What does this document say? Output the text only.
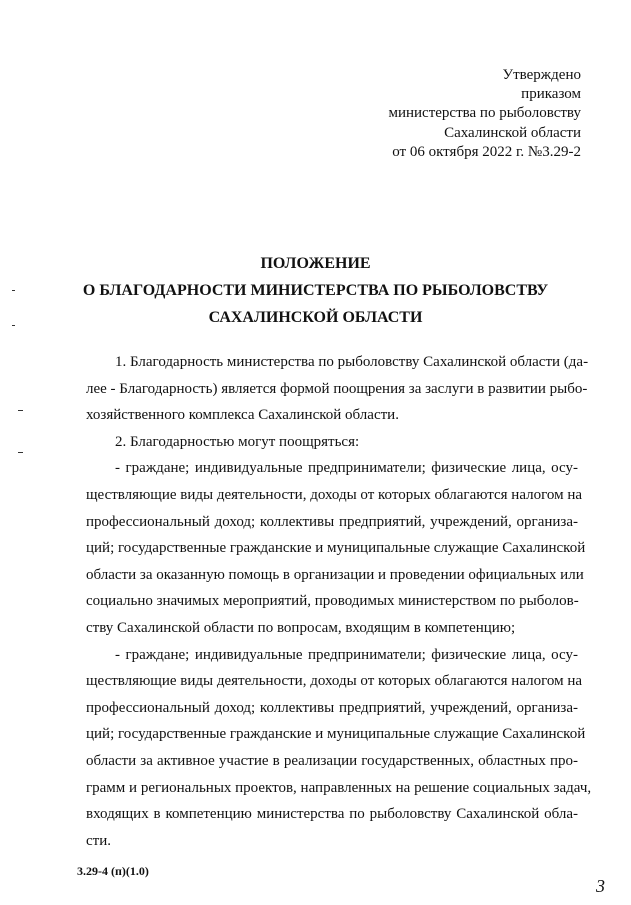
Утверждено
приказом
министерства по рыболовству
Сахалинской области
от 06 октября 2022 г. №3.29-2
ПОЛОЖЕНИЕ
О БЛАГОДАРНОСТИ МИНИСТЕРСТВА ПО РЫБОЛОВСТВУ
САХАЛИНСКОЙ ОБЛАСТИ
1. Благодарность министерства по рыболовству Сахалинской области (да-
лее - Благодарность) является формой поощрения за заслуги в развитии рыбо-
хозяйственного комплекса Сахалинской области.
2. Благодарностью могут поощряться:
- граждане; индивидуальные предприниматели; физические лица, осу-
ществляющие виды деятельности, доходы от которых облагаются налогом на
профессиональный доход; коллективы предприятий, учреждений, организа-
ций; государственные гражданские и муниципальные служащие Сахалинской
области за оказанную помощь в организации и проведении официальных или
социально значимых мероприятий, проводимых министерством по рыболов-
ству Сахалинской области по вопросам, входящим в компетенцию;
- граждане; индивидуальные предприниматели; физические лица, осу-
ществляющие виды деятельности, доходы от которых облагаются налогом на
профессиональный доход; коллективы предприятий, учреждений, организа-
ций; государственные гражданские и муниципальные служащие Сахалинской
области за активное участие в реализации государственных, областных про-
грамм и региональных проектов, направленных на решение социальных задач,
входящих в компетенцию министерства по рыболовству Сахалинской обла-
сти.
3.29-4 (п)(1.0)
3
